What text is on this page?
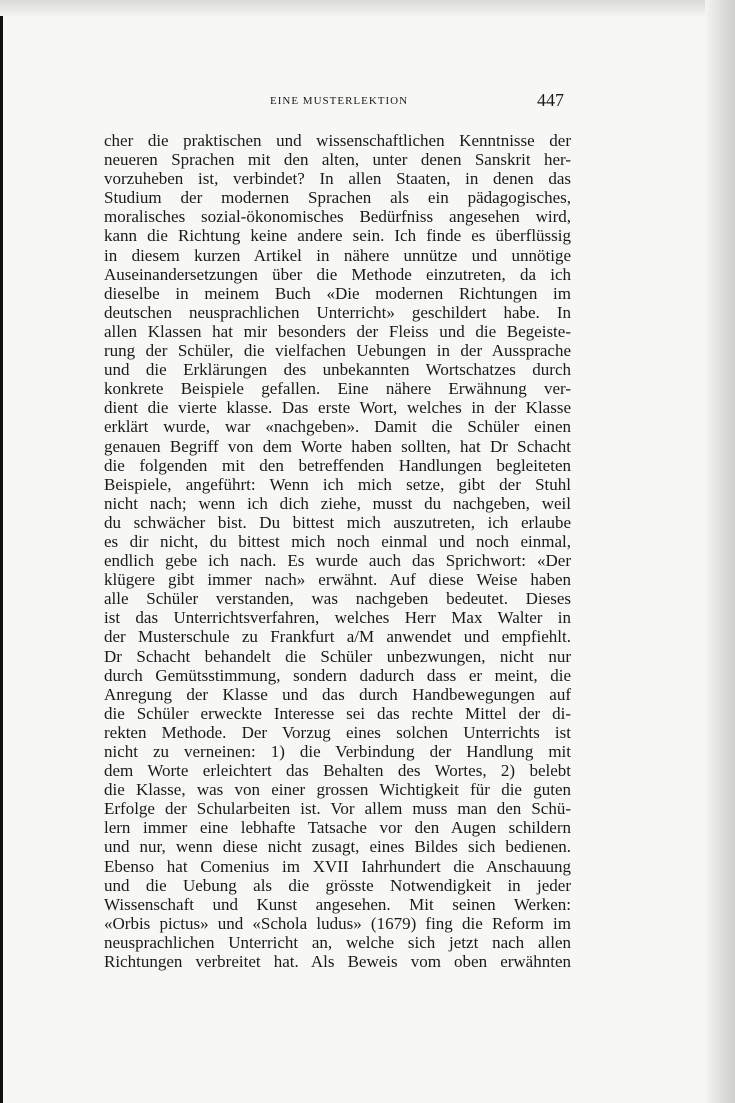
EINE MUSTERLEKTION	447
cher die praktischen und wissenschaftlichen Kenntnisse der
neueren Sprachen mit den alten, unter denen Sanskrit her-
vorzuheben ist, verbindet? In allen Staaten, in denen das
Studium der modernen Sprachen als ein pädagogisches,
moralisches sozial-ökonomisches Bedürfniss angesehen wird,
kann die Richtung keine andere sein. Ich finde es überflüssig
in diesem kurzen Artikel in nähere unnütze und unnötige
Auseinandersetzungen über die Methode einzutreten, da ich
dieselbe in meinem Buch «Die modernen Richtungen im
deutschen neusprachlichen Unterricht» geschildert habe. In
allen Klassen hat mir besonders der Fleiss und die Begeiste-
rung der Schüler, die vielfachen Uebungen in der Aussprache
und die Erklärungen des unbekannten Wortschatzes durch
konkrete Beispiele gefallen. Eine nähere Erwähnung ver-
dient die vierte klasse. Das erste Wort, welches in der Klasse
erklärt wurde, war «nachgeben». Damit die Schüler einen
genauen Begriff von dem Worte haben sollten, hat Dr Schacht
die folgenden mit den betreffenden Handlungen begleiteten
Beispiele, angeführt: Wenn ich mich setze, gibt der Stuhl
nicht nach; wenn ich dich ziehe, musst du nachgeben, weil
du schwächer bist. Du bittest mich auszutreten, ich erlaube
es dir nicht, du bittest mich noch einmal und noch einmal,
endlich gebe ich nach. Es wurde auch das Sprichwort: «Der
klügere gibt immer nach» erwähnt. Auf diese Weise haben
alle Schüler verstanden, was nachgeben bedeutet. Dieses
ist das Unterrichtsverfahren, welches Herr Max Walter in
der Musterschule zu Frankfurt a/M anwendet und empfiehlt.
Dr Schacht behandelt die Schüler unbezwungen, nicht nur
durch Gemütsstimmung, sondern dadurch dass er meint, die
Anregung der Klasse und das durch Handbewegungen auf
die Schüler erweckte Interesse sei das rechte Mittel der di-
rekten Methode. Der Vorzug eines solchen Unterrichts ist
nicht zu verneinen: 1) die Verbindung der Handlung mit
dem Worte erleichtert das Behalten des Wortes, 2) belebt
die Klasse, was von einer grossen Wichtigkeit für die guten
Erfolge der Schularbeiten ist. Vor allem muss man den Schü-
lern immer eine lebhafte Tatsache vor den Augen schildern
und nur, wenn diese nicht zusagt, eines Bildes sich bedienen.
Ebenso hat Comenius im XVII Iahrhundert die Anschauung
und die Uebung als die grösste Notwendigkeit in jeder
Wissenschaft und Kunst angesehen. Mit seinen Werken:
«Orbis pictus» und «Schola ludus» (1679) fing die Reform im
neusprachlichen Unterricht an, welche sich jetzt nach allen
Richtungen verbreitet hat. Als Beweis vom oben erwähnten
